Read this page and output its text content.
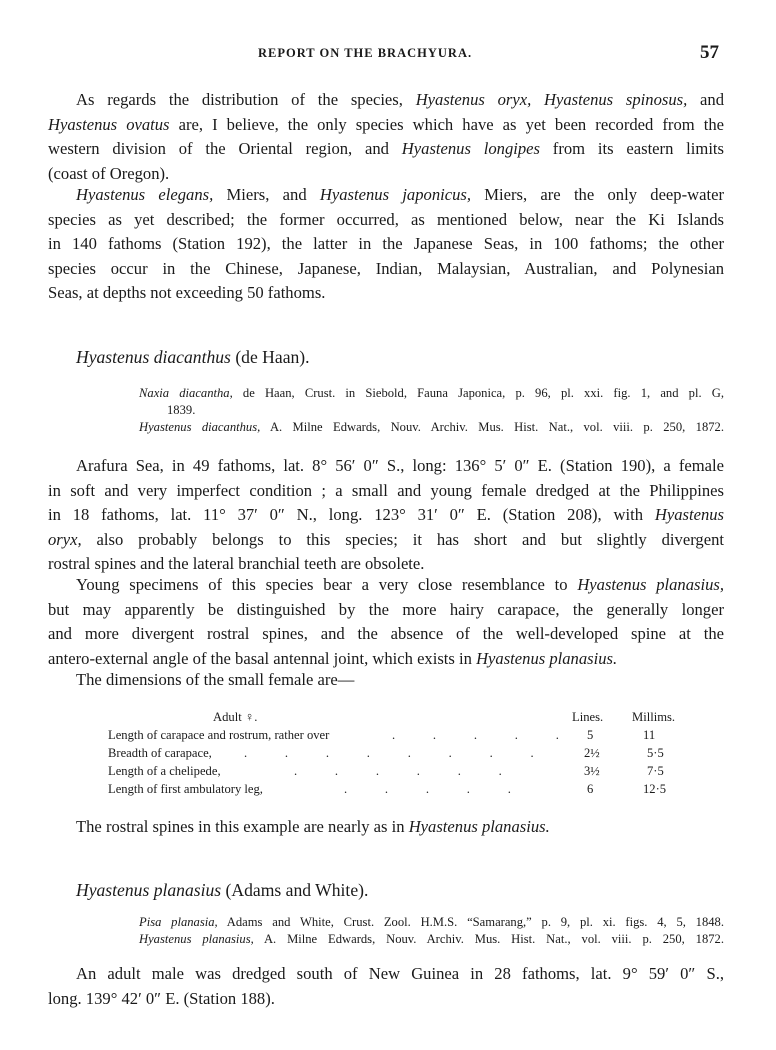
REPORT ON THE BRACHYURA.	57
As regards the distribution of the species, Hyastenus oryx, Hyastenus spinosus, and
Hyastenus ovatus are, I believe, the only species which have as yet been recorded from the
western division of the Oriental region, and Hyastenus longipes from its eastern limits
(coast of Oregon).
Hyastenus elegans, Miers, and Hyastenus japonicus, Miers, are the only deep-water
species as yet described; the former occurred, as mentioned below, near the Ki Islands
in 140 fathoms (Station 192), the latter in the Japanese Seas, in 100 fathoms; the other
species occur in the Chinese, Japanese, Indian, Malaysian, Australian, and Polynesian
Seas, at depths not exceeding 50 fathoms.
Hyastenus diacanthus (de Haan).
Naxia diacantha, de Haan, Crust. in Siebold, Fauna Japonica, p. 96, pl. xxi. fig. 1, and pl. G,
1839.
Hyastenus diacanthus, A. Milne Edwards, Nouv. Archiv. Mus. Hist. Nat., vol. viii. p. 250, 1872.
Arafura Sea, in 49 fathoms, lat. 8° 56′ 0″ S., long: 136° 5′ 0″ E. (Station 190), a female
in soft and very imperfect condition ; a small and young female dredged at the Philippines
in 18 fathoms, lat. 11° 37′ 0″ N., long. 123° 31′ 0″ E. (Station 208), with Hyastenus
oryx, also probably belongs to this species; it has short and but slightly divergent
rostral spines and the lateral branchial teeth are obsolete.
Young specimens of this species bear a very close resemblance to Hyastenus planasius,
but may apparently be distinguished by the more hairy carapace, the generally longer
and more divergent rostral spines, and the absence of the well-developed spine at the
antero-external angle of the basal antennal joint, which exists in Hyastenus planasius.
The dimensions of the small female are—
Adult ♀.	Lines. Millims.
Length of carapace and rostrum, rather over	.   .   .   .   . 5	11
Breadth of carapace,	.   .   .   .   .   .   .   .	2½	5·5
Length of a chelipede,	.   .   .   .   .   .	3½	7·5
Length of first ambulatory leg,	.   .   .   .   .	6	12·5
The rostral spines in this example are nearly as in Hyastenus planasius.
Hyastenus planasius (Adams and White).
Pisa planasia, Adams and White, Crust. Zool. H.M.S. “Samarang,” p. 9, pl. xi. figs. 4, 5, 1848.
Hyastenus planasius, A. Milne Edwards, Nouv. Archiv. Mus. Hist. Nat., vol. viii. p. 250, 1872.
An adult male was dredged south of New Guinea in 28 fathoms, lat. 9° 59′ 0″ S.,
long. 139° 42′ 0″ E. (Station 188).
